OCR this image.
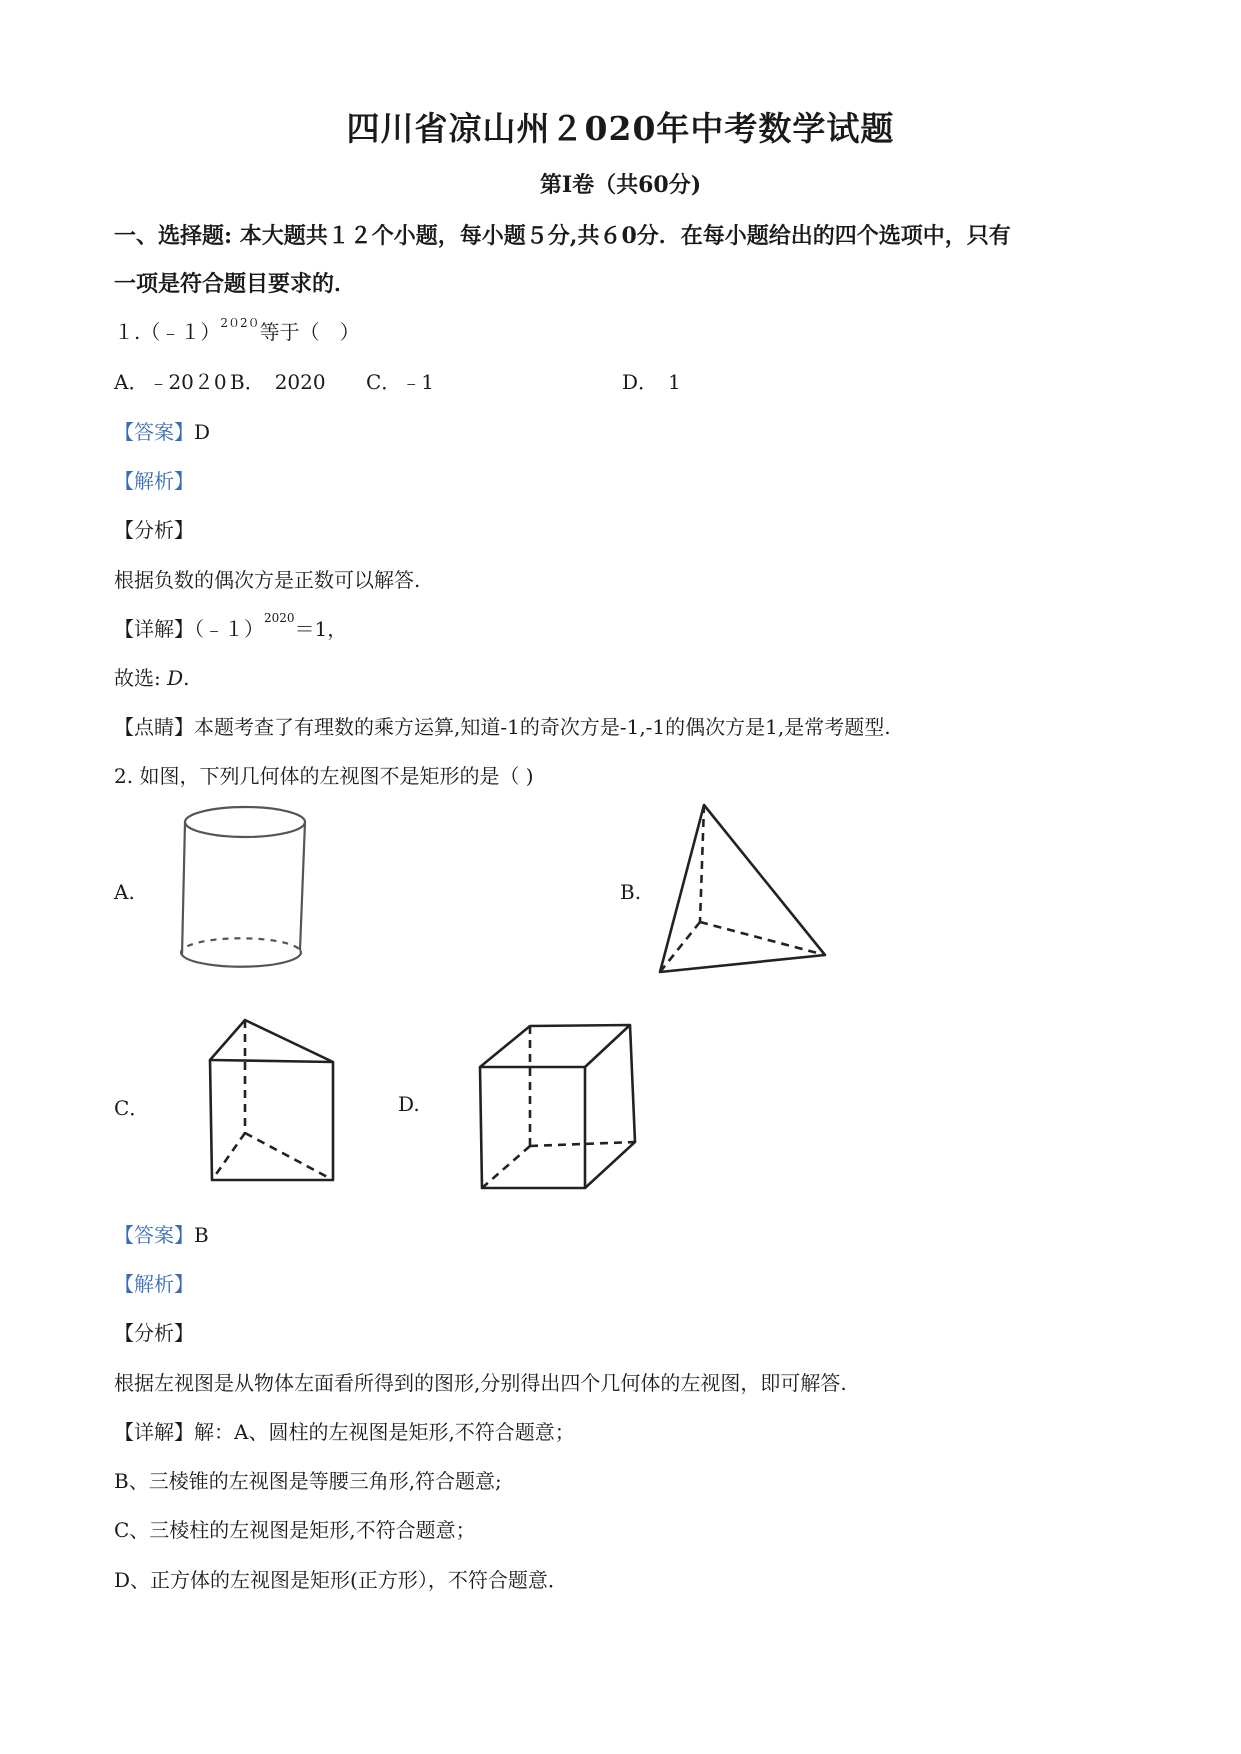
四川省凉山州２020年中考数学试题
第Ⅰ卷（共60分)
一、选择题: 本大题共１２个小题，每小题５分,共６0分．在每小题给出的四个选项中，只有
一项是符合题目要求的．
１.（﹣１）$^{2020}$等于（　）
A．﹣20２0 B．　2020 C．﹣1	D．　1
【答案】D
【解析】
【分析】
根据负数的偶次方是正数可以解答.
【详解】（﹣１）$^{2020}$＝1，
故选: D.
【点睛】本题考查了有理数的乘方运算,知道-1的奇次方是-1,-1的偶次方是1,是常考题型.
2. 如图，下列几何体的左视图不是矩形的是（ )
A.	B.
C．	D.
【答案】B
【解析】
【分析】
根据左视图是从物体左面看所得到的图形,分别得出四个几何体的左视图，即可解答.
【详解】解：A、圆柱的左视图是矩形,不符合题意；
B、三棱锥的左视图是等腰三角形,符合题意;
C、三棱柱的左视图是矩形,不符合题意；
D、正方体的左视图是矩形(正方形），不符合题意．
